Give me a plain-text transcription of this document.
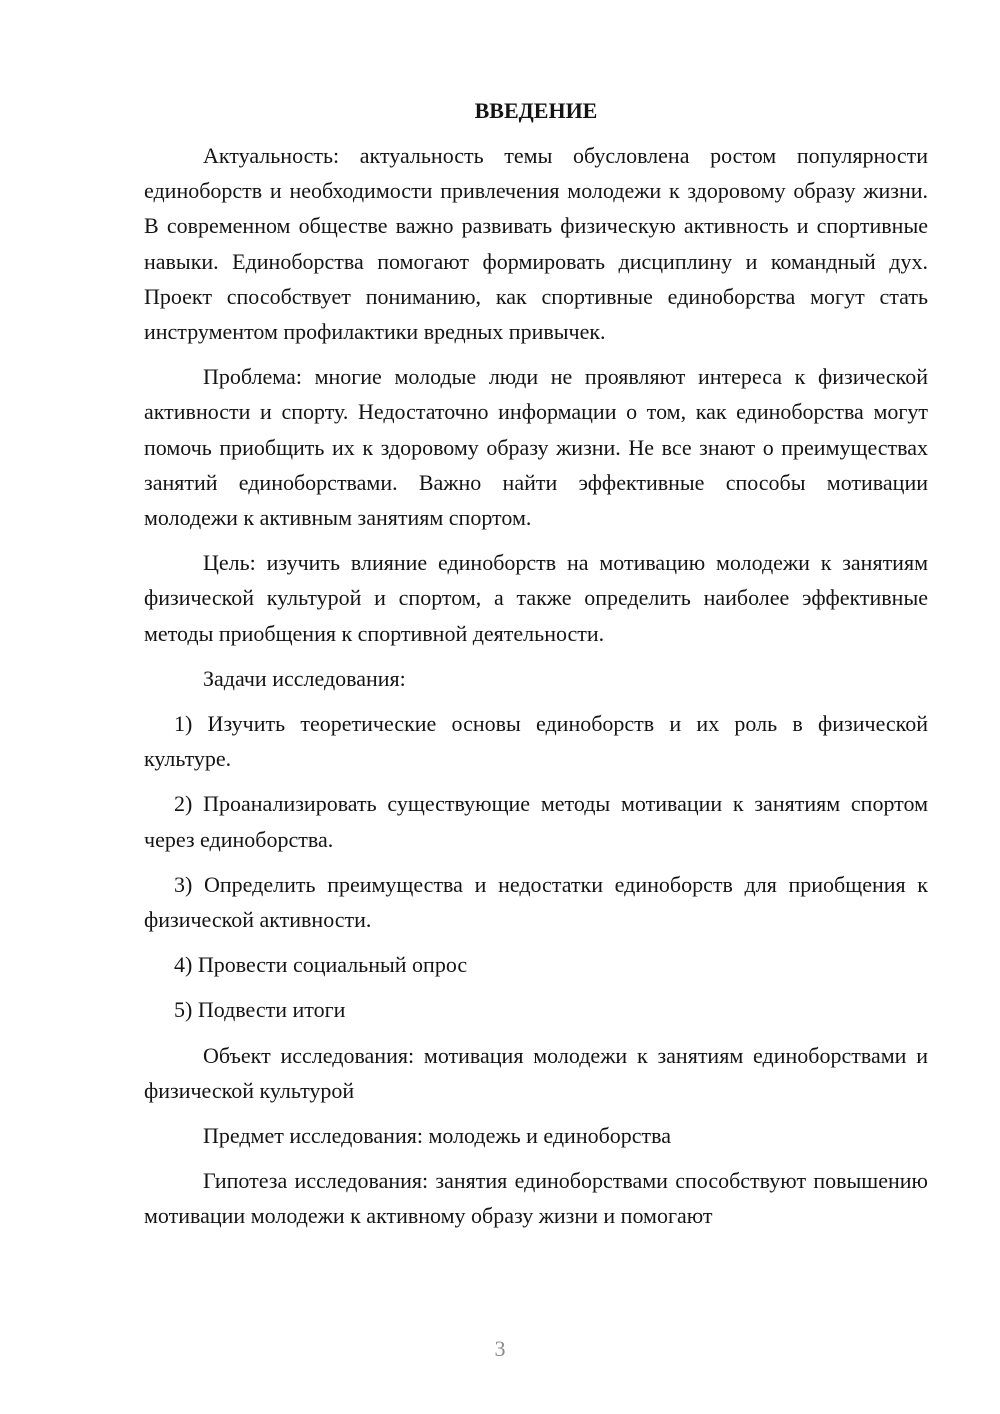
ВВЕДЕНИЕ

Актуальность: актуальность темы обусловлена ростом популярности единоборств и необходимости привлечения молодежи к здоровому образу жизни. В современном обществе важно развивать физическую активность и спортивные навыки. Единоборства помогают формировать дисциплину и командный дух. Проект способствует пониманию, как спортивные единоборства могут стать инструментом профилактики вредных привычек.

Проблема: многие молодые люди не проявляют интереса к физической активности и спорту. Недостаточно информации о том, как единоборства могут помочь приобщить их к здоровому образу жизни. Не все знают о преимуществах занятий единоборствами. Важно найти эффективные способы мотивации молодежи к активным занятиям спортом.

Цель: изучить влияние единоборств на мотивацию молодежи к занятиям физической культурой и спортом, а также определить наиболее эффективные методы приобщения к спортивной деятельности.

Задачи исследования:

1) Изучить теоретические основы единоборств и их роль в физической культуре.

2) Проанализировать существующие методы мотивации к занятиям спортом через единоборства.

3) Определить преимущества и недостатки единоборств для приобщения к физической активности.

4) Провести социальный опрос

5) Подвести итоги

Объект исследования: мотивация молодежи к занятиям единоборствами и физической культурой

Предмет исследования: молодежь и единоборства

Гипотеза исследования: занятия единоборствами способствуют повышению мотивации молодежи к активному образу жизни и помогают

3
